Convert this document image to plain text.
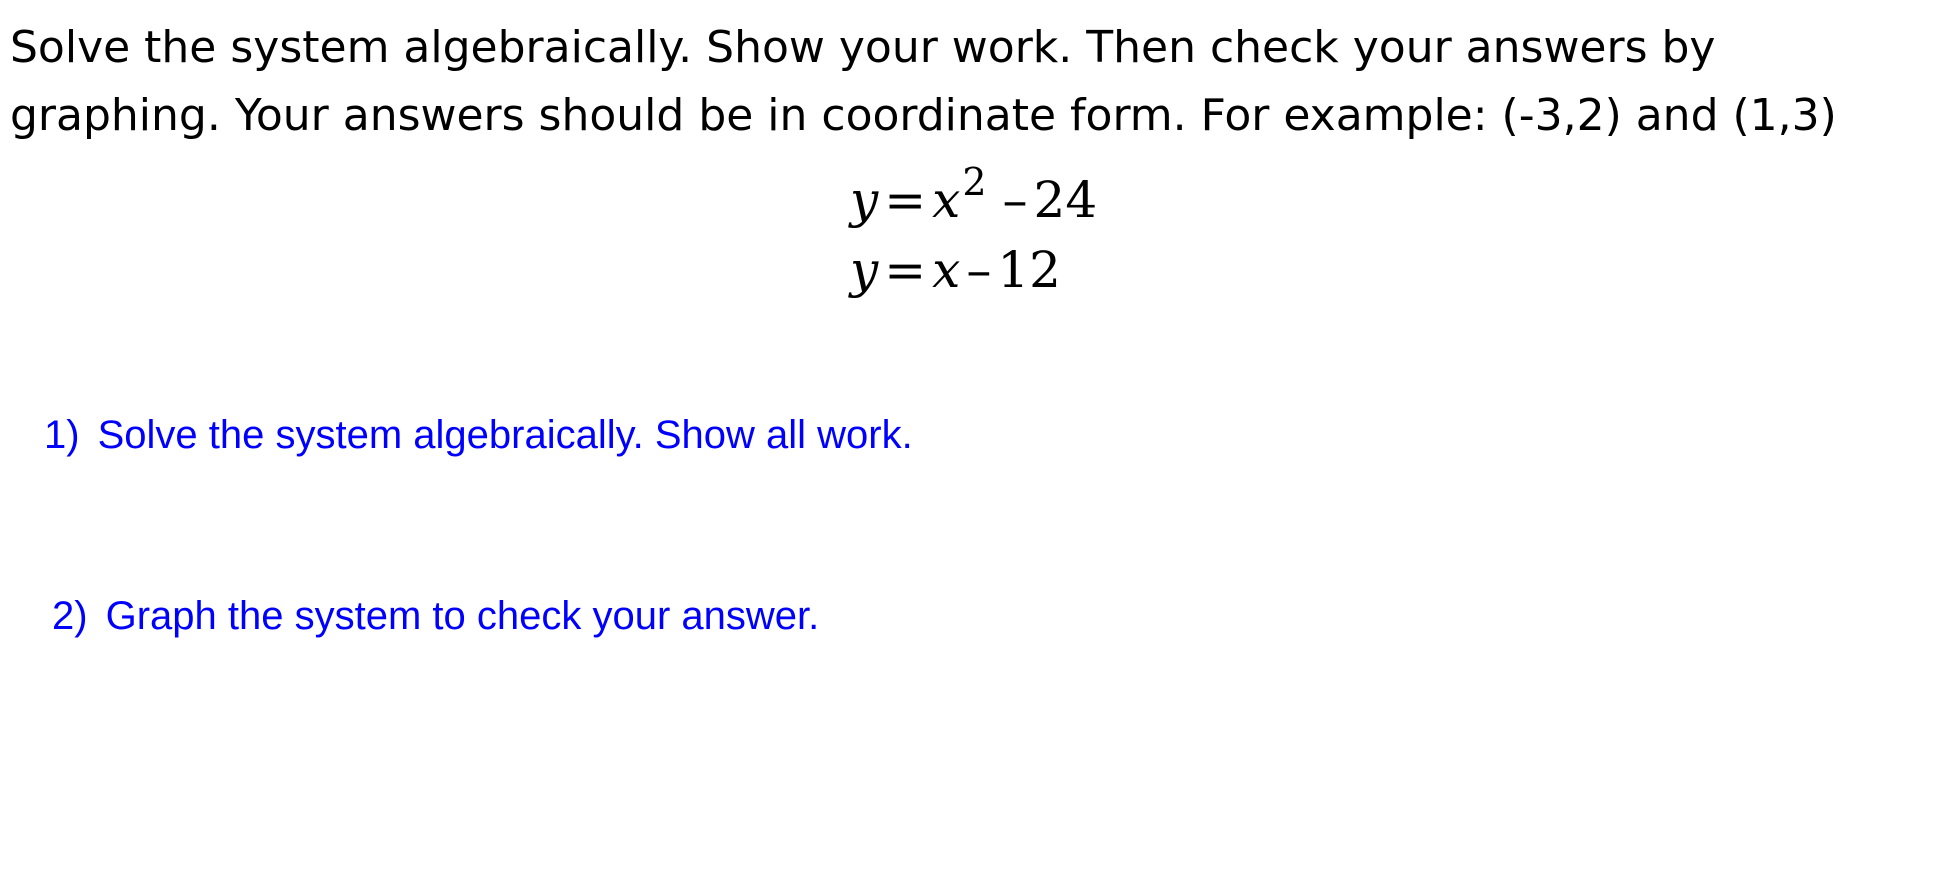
Solve the system algebraically. Show your work. Then check your answers by
graphing. Your answers should be in coordinate form. For example: (-3,2) and (1,3)

$y = x^2 - 24$
y = x – 12

1) Solve the system algebraically. Show all work.

2) Graph the system to check your answer.
